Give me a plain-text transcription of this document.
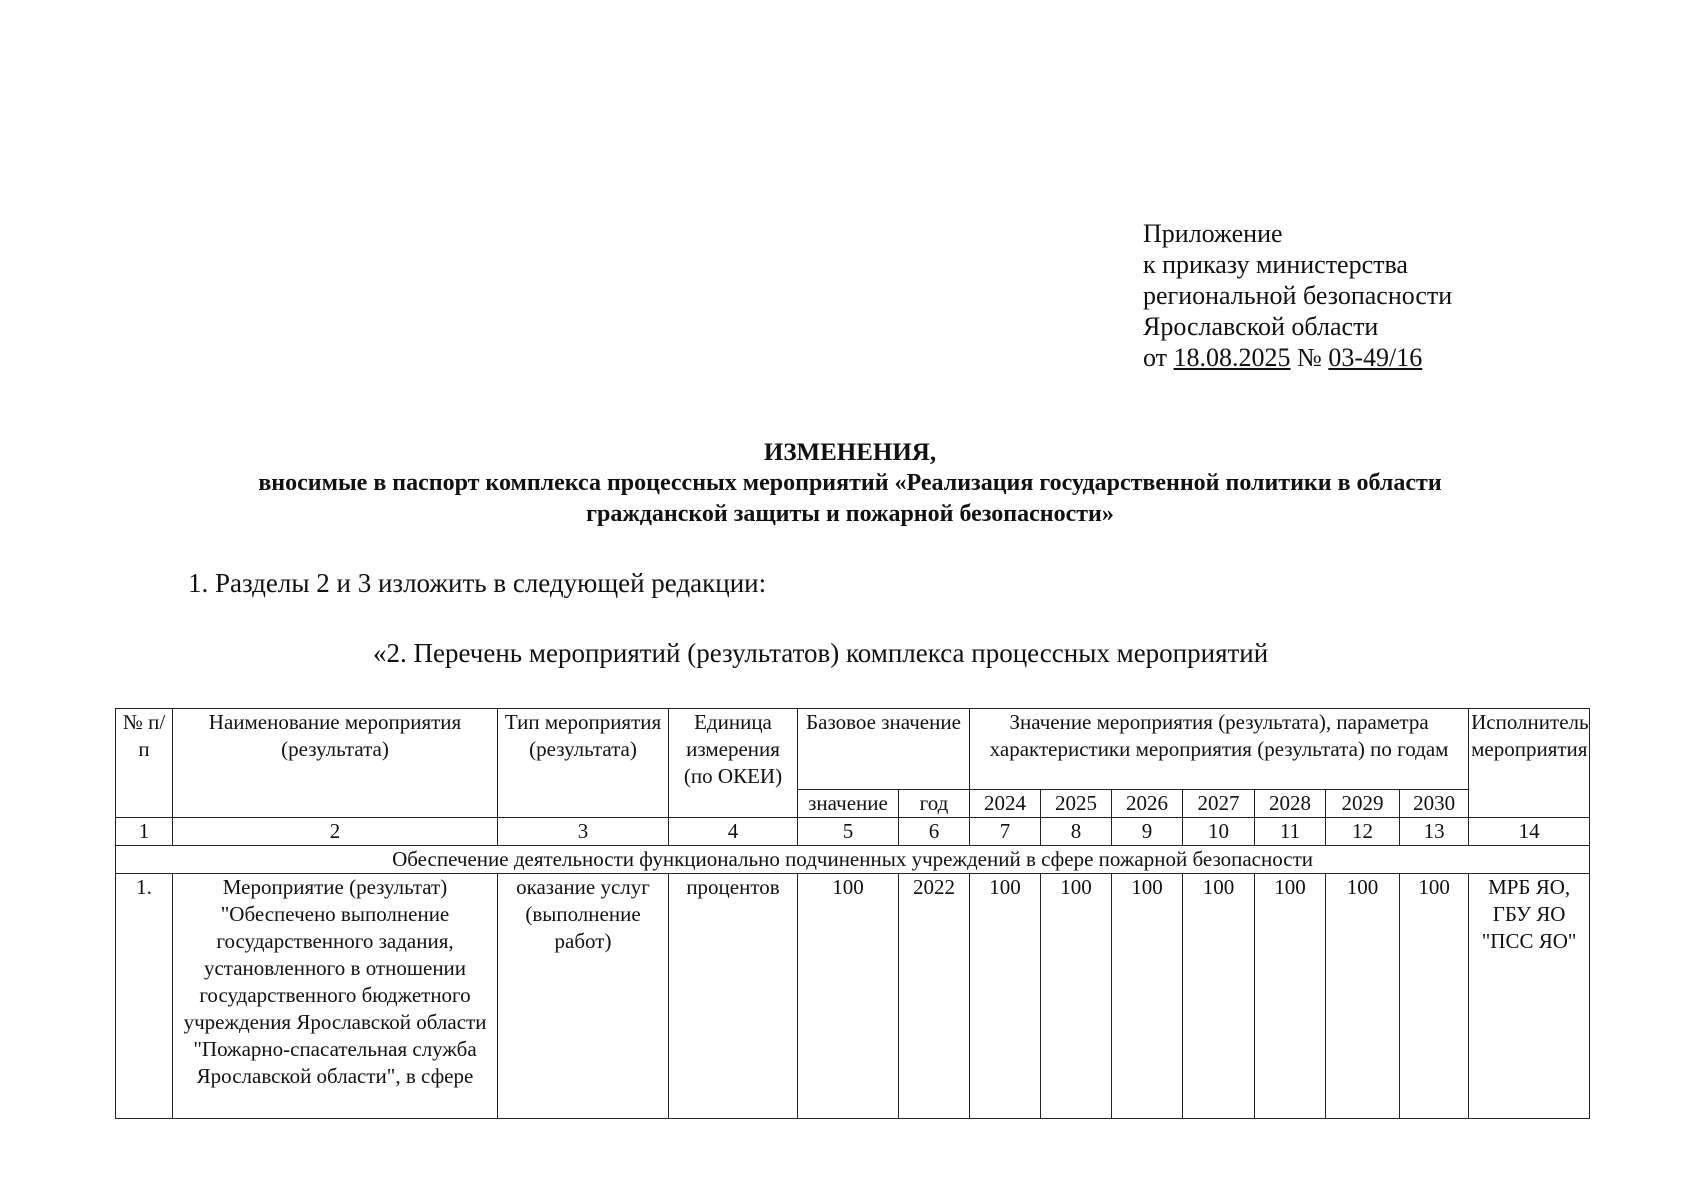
Приложение
к приказу министерства
региональной безопасности
Ярославской области
от 18.08.2025 № 03-49/16
ИЗМЕНЕНИЯ,
вносимые в паспорт комплекса процессных мероприятий «Реализация государственной политики в области
гражданской защиты и пожарной безопасности»
1. Разделы 2 и 3 изложить в следующей редакции:
«2. Перечень мероприятий (результатов) комплекса процессных мероприятий
№ п/п	Наименование мероприятия (результата)	Тип мероприятия (результата)	Единица измерения (по ОКЕИ)	Базовое значение		Значение мероприятия (результата), параметра характеристики мероприятия (результата) по годам							Исполнитель мероприятия
				значение	год	2024	2025	2026	2027	2028	2029	2030	
1	2	3	4	5	6	7	8	9	10	11	12	13	14
Обеспечение деятельности функционально подчиненных учреждений в сфере пожарной безопасности													
1.	Мероприятие (результат) "Обеспечено выполнение государственного задания, установленного в отношении государственного бюджетного учреждения Ярославской области "Пожарно-спасательная служба Ярославской области", в сфере	оказание услуг (выполнение работ)	процентов	100	2022	100	100	100	100	100	100	100	МРБ ЯО, ГБУ ЯО "ПСС ЯО"
